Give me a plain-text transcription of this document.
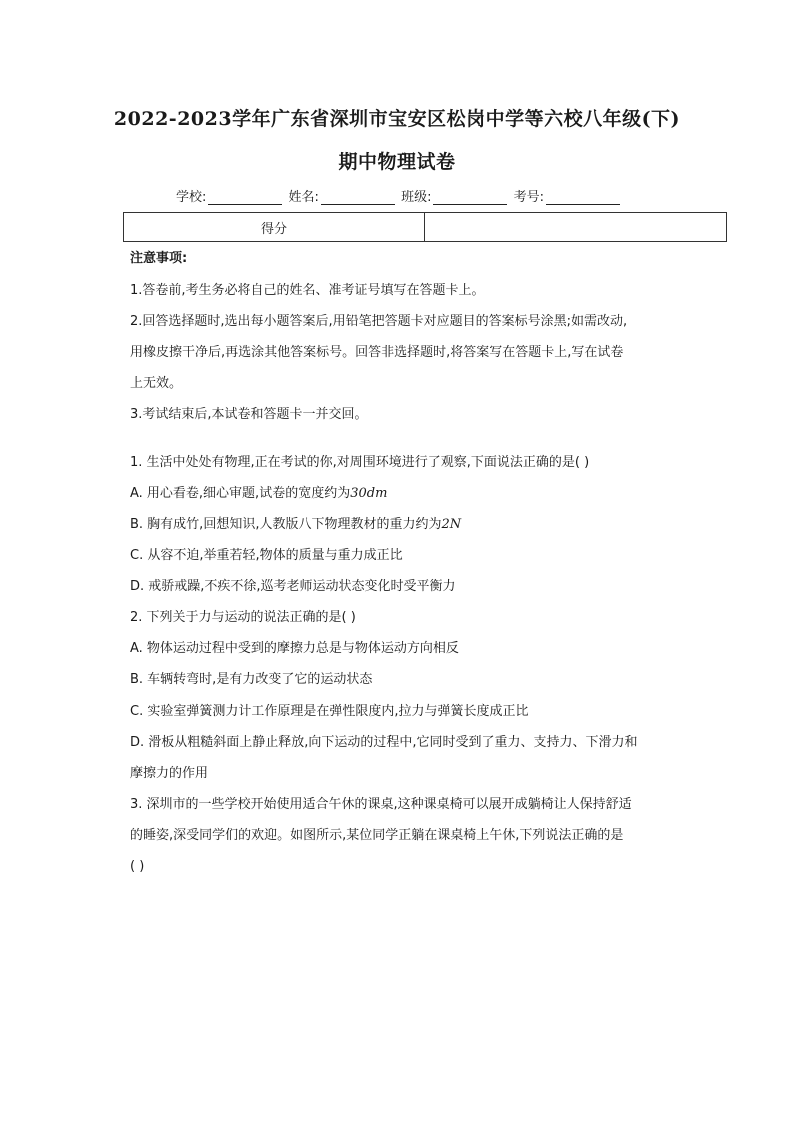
2022-2023学年广东省深圳市宝安区松岗中学等六校八年级(下)
期中物理试卷
学校:	姓名:	班级:	考号:
得分	
注意事项:
1.答卷前,考生务必将自己的姓名、准考证号填写在答题卡上。
2.回答选择题时,选出每小题答案后,用铅笔把答题卡对应题目的答案标号涂黑;如需改动,
用橡皮擦干净后,再选涂其他答案标号。回答非选择题时,将答案写在答题卡上,写在试卷
上无效。
3.考试结束后,本试卷和答题卡一并交回。
1. 生活中处处有物理,正在考试的你,对周围环境进行了观察,下面说法正确的是( )
A. 用心看卷,细心审题,试卷的宽度约为30dm
B. 胸有成竹,回想知识,人教版八下物理教材的重力约为2N
C. 从容不迫,举重若轻,物体的质量与重力成正比
D. 戒骄戒躁,不疾不徐,巡考老师运动状态变化时受平衡力
2. 下列关于力与运动的说法正确的是( )
A. 物体运动过程中受到的摩擦力总是与物体运动方向相反
B. 车辆转弯时,是有力改变了它的运动状态
C. 实验室弹簧测力计工作原理是在弹性限度内,拉力与弹簧长度成正比
D. 滑板从粗糙斜面上静止释放,向下运动的过程中,它同时受到了重力、支持力、下滑力和
摩擦力的作用
3. 深圳市的一些学校开始使用适合午休的课桌,这种课桌椅可以展开成躺椅让人保持舒适
的睡姿,深受同学们的欢迎。如图所示,某位同学正躺在课桌椅上午休,下列说法正确的是
( )
